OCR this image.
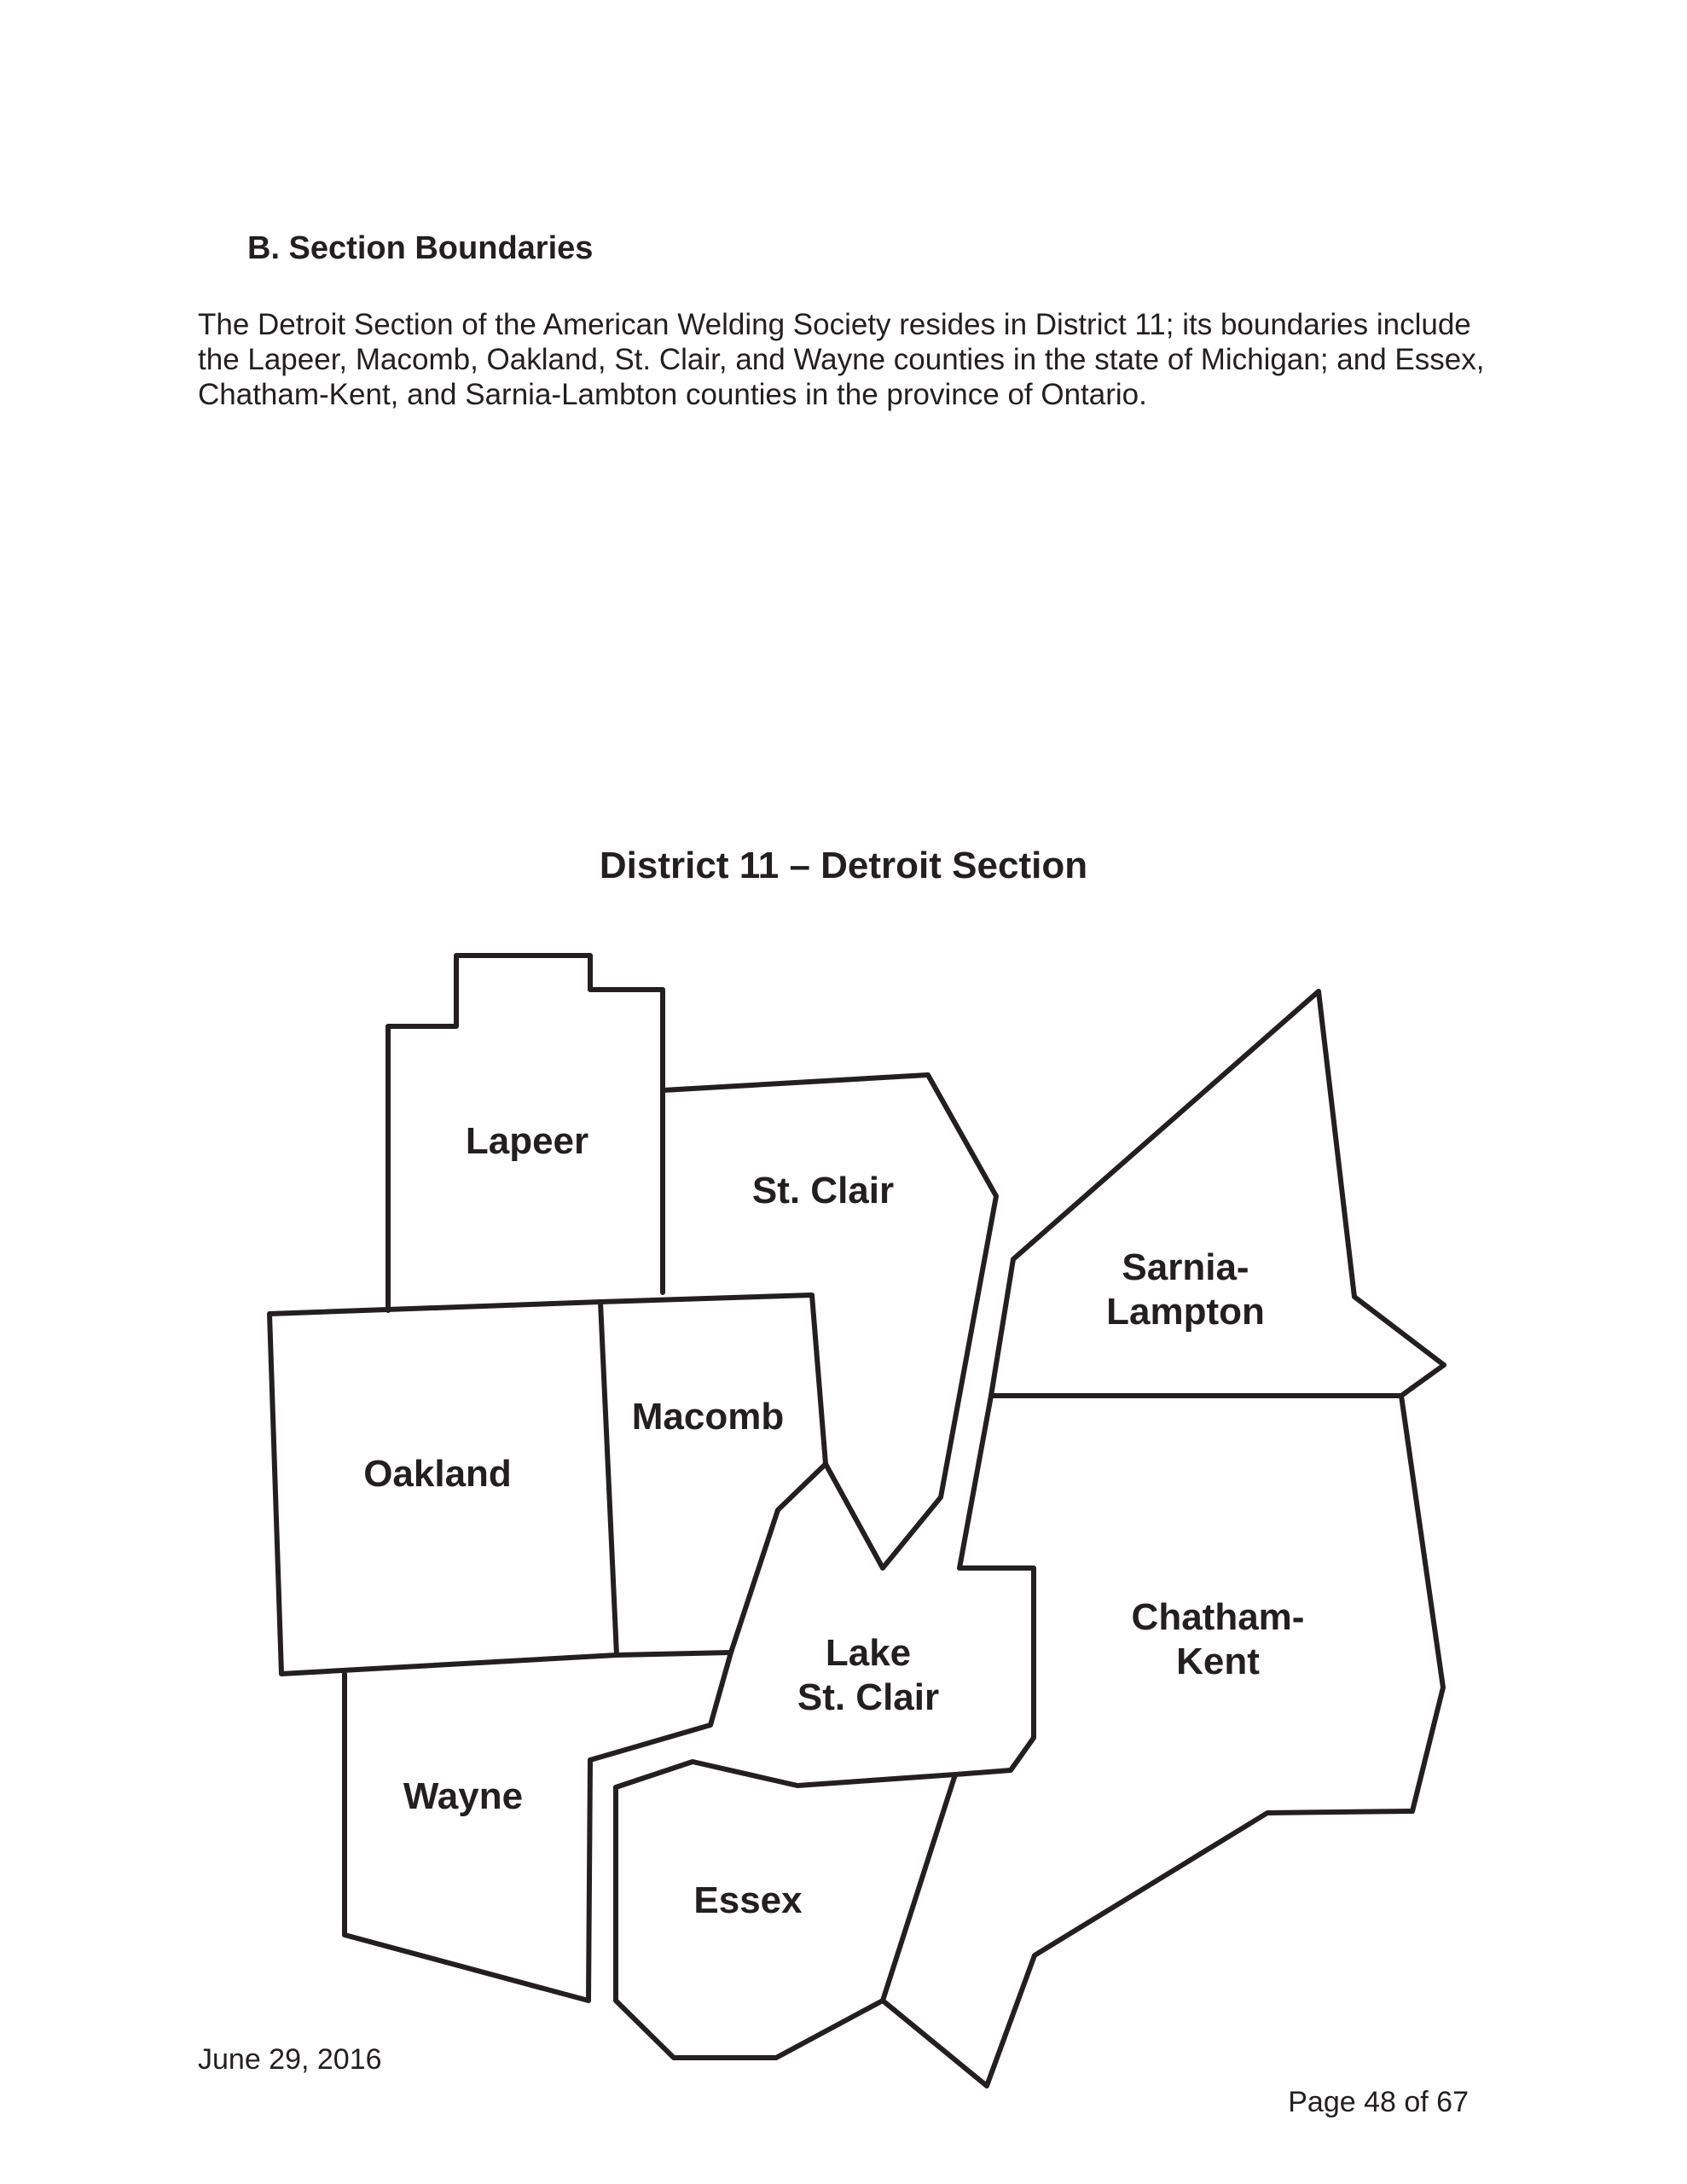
B. Section Boundaries
The Detroit Section of the American Welding Society resides in District 11; its boundaries include
the Lapeer, Macomb, Oakland, St. Clair, and Wayne counties in the state of Michigan; and Essex,
Chatham-Kent, and Sarnia-Lambton counties in the province of Ontario.
District 11 – Detroit Section
Lapeer
St. Clair
Sarnia-
Lampton
Macomb
Oakland
Lake
St. Clair
Chatham-
Kent
Wayne
Essex

June 29, 2016

Page 48 of 67
